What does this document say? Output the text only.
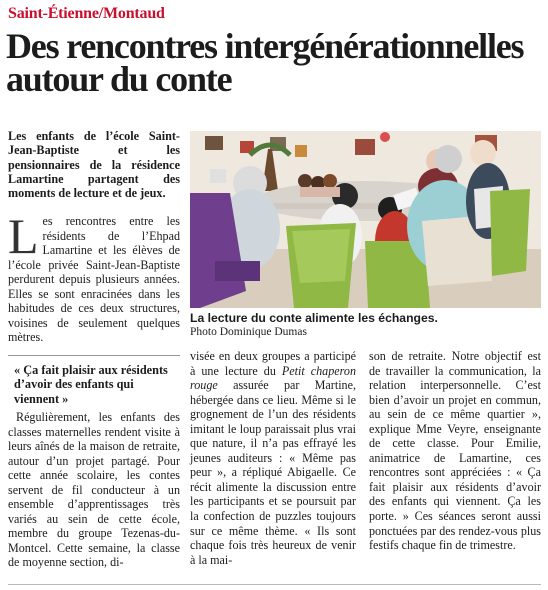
Saint-Étienne/Montaud
Des rencontres intergénérationnelles autour du conte
Les enfants de l’école Saint-Jean-Baptiste et les pensionnaires de la résidence Lamartine partagent des moments de lecture et de jeux.
Les rencontres entre les résidents de l’Ehpad Lamartine et les élèves de l’école privée Saint-Jean-Baptiste perdurent depuis plusieurs années. Elles se sont enracinées dans les habitudes de ces deux structures, voisines de seulement quelques mètres.

« Ça fait plaisir aux résidents d’avoir des enfants qui viennent »

Régulièrement, les enfants des classes maternelles rendent visite à leurs aînés de la maison de retraite, autour d’un projet partagé. Pour cette année scolaire, les contes servent de fil conducteur à un ensemble d’apprentissages très variés au sein de cette école, membre du groupe Tezenas-du-Montcel. Cette semaine, la classe de moyenne section, di-

visée en deux groupes a participé à une lecture du Petit chaperon rouge assurée par Martine, hébergée dans ce lieu. Même si le grognement de l’un des résidents imitant le loup paraissait plus vrai que nature, il n’a pas effrayé les jeunes auditeurs : « Même pas peur », a répliqué Abigaelle. Ce récit alimente la discussion entre les participants et se poursuit par la confection de puzzles toujours sur ce même thème. « Ils sont chaque fois très heureux de venir à la mai-

son de retraite. Notre objectif est de travailler la communication, la relation interpersonnelle. C’est bien d’avoir un projet en commun, au sein de ce même quartier », explique Mme Veyre, enseignante de cette classe. Pour Emilie, animatrice de Lamartine, ces rencontres sont appréciées : « Ça fait plaisir aux résidents d’avoir des enfants qui viennent. Ça les porte. » Ces séances seront aussi ponctuées par des rendez-vous plus festifs chaque fin de trimestre.

La lecture du conte alimente les échanges.
Photo Dominique Dumas
